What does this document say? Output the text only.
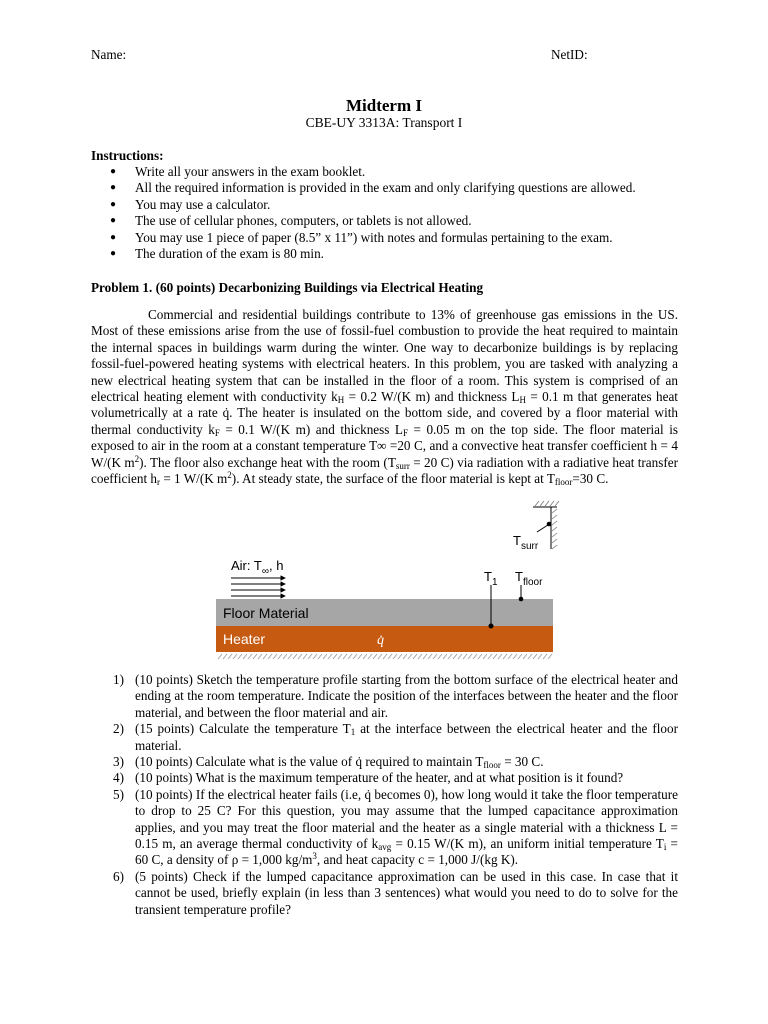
Name:	NetID:
Midterm I
CBE-UY 3313A: Transport I
Instructions:
● Write all your answers in the exam booklet.
● All the required information is provided in the exam and only clarifying questions are allowed.
● You may use a calculator.
● The use of cellular phones, computers, or tablets is not allowed.
● You may use 1 piece of paper (8.5” x 11”) with notes and formulas pertaining to the exam.
● The duration of the exam is 80 min.
Problem 1. (60 points) Decarbonizing Buildings via Electrical Heating

Commercial and residential buildings contribute to 13% of greenhouse gas emissions in the US. Most of these emissions arise from the use of fossil-fuel combustion to provide the heat required to maintain the internal spaces in buildings warm during the winter. One way to decarbonize buildings is by replacing fossil-fuel-powered heating systems with electrical heaters. In this problem, you are tasked with analyzing a new electrical heating system that can be installed in the floor of a room. This system is comprised of an electrical heating element with conductivity $k_H = 0.2$ W/(K m) and thickness $L_H = 0.1$ m that generates heat volumetrically at a rate q̇. The heater is insulated on the bottom side, and covered by a floor material with thermal conductivity $k_F = 0.1$ W/(K m) and thickness $L_F = 0.05$ m on the top side. The floor material is exposed to air in the room at a constant temperature T∞ =20 C, and a convective heat transfer coefficient h = 4 W/(K $m^2$). The floor also exchange heat with the room ($T_{surr} = 20$ C) via radiation with a radiative heat transfer coefficient $h_r = 1$ W/(K $m^2$). At steady state, the surface of the floor material is kept at $T_{floor}=30$ C.

$T_{surr}$
Air: $T_\infty$, h
$T_1$ $T_{floor}$
Floor Material
Heater	q̇
1) (10 points) Sketch the temperature profile starting from the bottom surface of the electrical heater and ending at the room temperature. Indicate the position of the interfaces between the heater and the floor material, and between the floor material and air.
2) (15 points) Calculate the temperature $T_1$ at the interface between the electrical heater and the floor material.
3) (10 points) Calculate what is the value of q̇ required to maintain $T_{floor} = 30$ C.
4) (10 points) What is the maximum temperature of the heater, and at what position is it found?
5) (10 points) If the electrical heater fails (i.e, q̇ becomes 0), how long would it take the floor temperature to drop to 25 C? For this question, you may assume that the lumped capacitance approximation applies, and you may treat the floor material and the heater as a single material with a thickness L = 0.15 m, an average thermal conductivity of $k_{avg} = 0.15$ W/(K m), an uniform initial temperature $T_i = 60$ C, a density of ρ = 1,000 $kg/m^3$, and heat capacity c = 1,000 J/(kg K).
6) (5 points) Check if the lumped capacitance approximation can be used in this case. In case that it cannot be used, briefly explain (in less than 3 sentences) what would you need to do to solve for the transient temperature profile?
